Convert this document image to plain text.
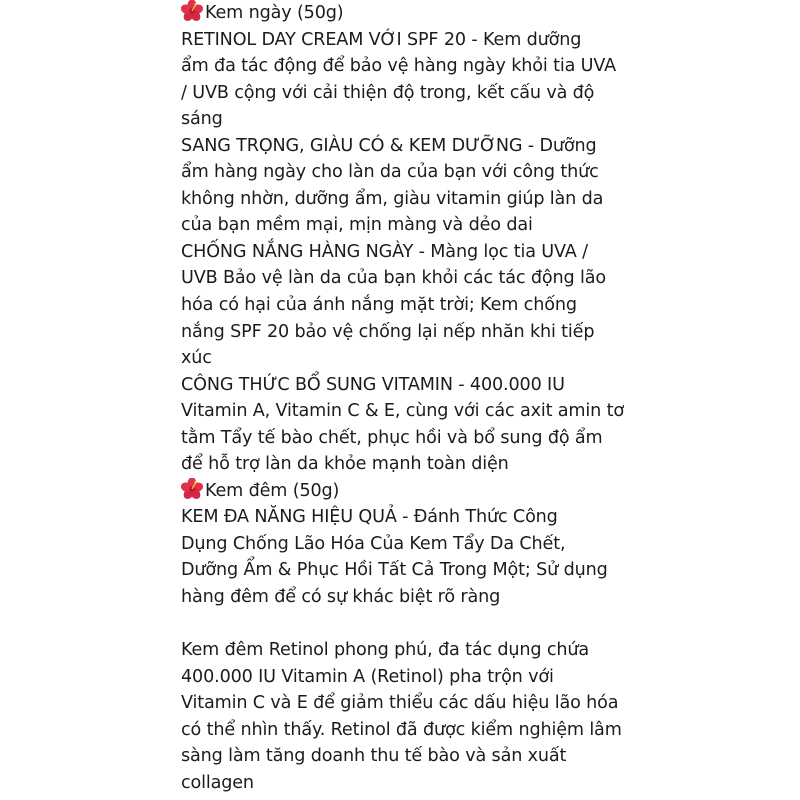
Kem ngày (50g)
RETINOL DAY CREAM VỚI SPF 20 - Kem dưỡng
ẩm đa tác động để bảo vệ hàng ngày khỏi tia UVA
/ UVB cộng với cải thiện độ trong, kết cấu và độ
sáng
SANG TRỌNG, GIÀU CÓ & KEM DƯỠNG - Dưỡng
ẩm hàng ngày cho làn da của bạn với công thức
không nhờn, dưỡng ẩm, giàu vitamin giúp làn da
của bạn mềm mại, mịn màng và dẻo dai
CHỐNG NẮNG HÀNG NGÀY - Màng lọc tia UVA /
UVB Bảo vệ làn da của bạn khỏi các tác động lão
hóa có hại của ánh nắng mặt trời; Kem chống
nắng SPF 20 bảo vệ chống lại nếp nhăn khi tiếp
xúc
CÔNG THỨC BỔ SUNG VITAMIN - 400.000 IU
Vitamin A, Vitamin C & E, cùng với các axit amin tơ
tằm Tẩy tế bào chết, phục hồi và bổ sung độ ẩm
để hỗ trợ làn da khỏe mạnh toàn diện
Kem đêm (50g)
KEM ĐA NĂNG HIỆU QUẢ - Đánh Thức Công
Dụng Chống Lão Hóa Của Kem Tẩy Da Chết,
Dưỡng Ẩm & Phục Hồi Tất Cả Trong Một; Sử dụng
hàng đêm để có sự khác biệt rõ ràng
Kem đêm Retinol phong phú, đa tác dụng chứa
400.000 IU Vitamin A (Retinol) pha trộn với
Vitamin C và E để giảm thiểu các dấu hiệu lão hóa
có thể nhìn thấy. Retinol đã được kiểm nghiệm lâm
sàng làm tăng doanh thu tế bào và sản xuất
collagen
